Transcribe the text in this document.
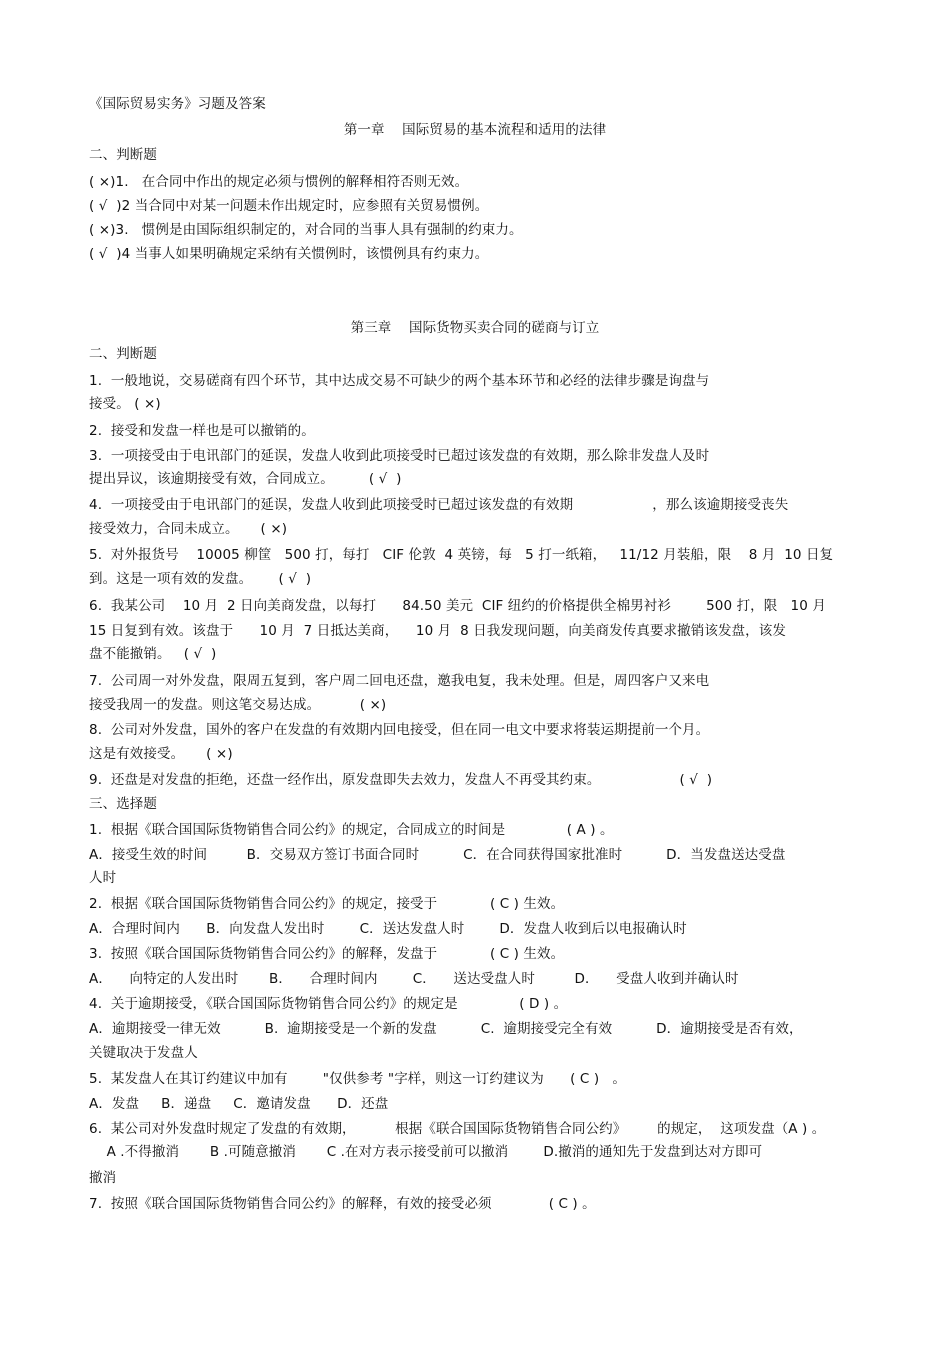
《国际贸易实务》习题及答案
第一章    国际贸易的基本流程和适用的法律
二、判断题
( ×)1.   在合同中作出的规定必须与惯例的解释相符否则无效。
( √  )2 当合同中对某一问题未作出规定时，应参照有关贸易惯例。
( ×)3.   惯例是由国际组织制定的，对合同的当事人具有强制的约束力。
( √  )4 当事人如果明确规定采纳有关惯例时，该惯例具有约束力。
第三章    国际货物买卖合同的磋商与订立
二、判断题
1.  一般地说，交易磋商有四个环节，其中达成交易不可缺少的两个基本环节和必经的法律步骤是询盘与
接受。 ( ×)
2.  接受和发盘一样也是可以撤销的。
3.  一项接受由于电讯部门的延误，发盘人收到此项接受时已超过该发盘的有效期，那么除非发盘人及时
提出异议，该逾期接受有效，合同成立。        ( √  )
4.  一项接受由于电讯部门的延误，发盘人收到此项接受时已超过该发盘的有效期                  ，那么该逾期接受丧失
接受效力，合同未成立。     ( ×)
5.  对外报货号    10005 柳筐   500 打，每打   CIF 伦敦  4 英镑，每   5 打一纸箱，   11/12 月装船，限    8 月  10 日复
到。这是一项有效的发盘。      ( √  )
6.  我某公司    10 月  2 日向美商发盘，以每打      84.50 美元  CIF 纽约的价格提供全棉男衬衫        500 打，限   10 月
15 日复到有效。该盘于      10 月  7 日抵达美商，    10 月  8 日我发现问题，向美商发传真要求撤销该发盘，该发
盘不能撤销。   ( √  )
7.  公司周一对外发盘，限周五复到，客户周二回电还盘，邀我电复，我未处理。但是，周四客户又来电
接受我周一的发盘。则这笔交易达成。         ( ×)
8.  公司对外发盘，国外的客户在发盘的有效期内回电接受，但在同一电文中要求将装运期提前一个月。
这是有效接受。     ( ×)
9.  还盘是对发盘的拒绝，还盘一经作出，原发盘即失去效力，发盘人不再受其约束。                  ( √  )
三、选择题
1.  根据《联合国国际货物销售合同公约》的规定，合同成立的时间是              ( A ) 。
A．接受生效的时间         B．交易双方签订书面合同时          C．在合同获得国家批准时          D．当发盘送达受盘
人时
2.  根据《联合国国际货物销售合同公约》的规定，接受于            ( C ) 生效。
A．合理时间内      B．向发盘人发出时        C．送达发盘人时        D．发盘人收到后以电报确认时
3.  按照《联合国国际货物销售合同公约》的解释，发盘于            ( C ) 生效。
A．    向特定的人发出时       B．    合理时间内        C．    送达受盘人时         D．    受盘人收到并确认时
4.  关于逾期接受，《联合国国际货物销售合同公约》的规定是              ( D ) 。
A．逾期接受一律无效          B.  逾期接受是一个新的发盘          C.  逾期接受完全有效          D．逾期接受是否有效，
关键取决于发盘人
5.  某发盘人在其订约建议中加有        "仅供参考 "字样，则这一订约建议为      ( C )   。
A．发盘     B．递盘     C．邀请发盘      D．还盘
6.  某公司对外发盘时规定了发盘的有效期，         根据《联合国国际货物销售合同公约》       的规定，  这项发盘（A ) 。
A .不得撤消       B .可随意撤消       C .在对方表示接受前可以撤消        D.撤消的通知先于发盘到达对方即可
撤消
7.  按照《联合国国际货物销售合同公约》的解释，有效的接受必须             ( C ) 。
